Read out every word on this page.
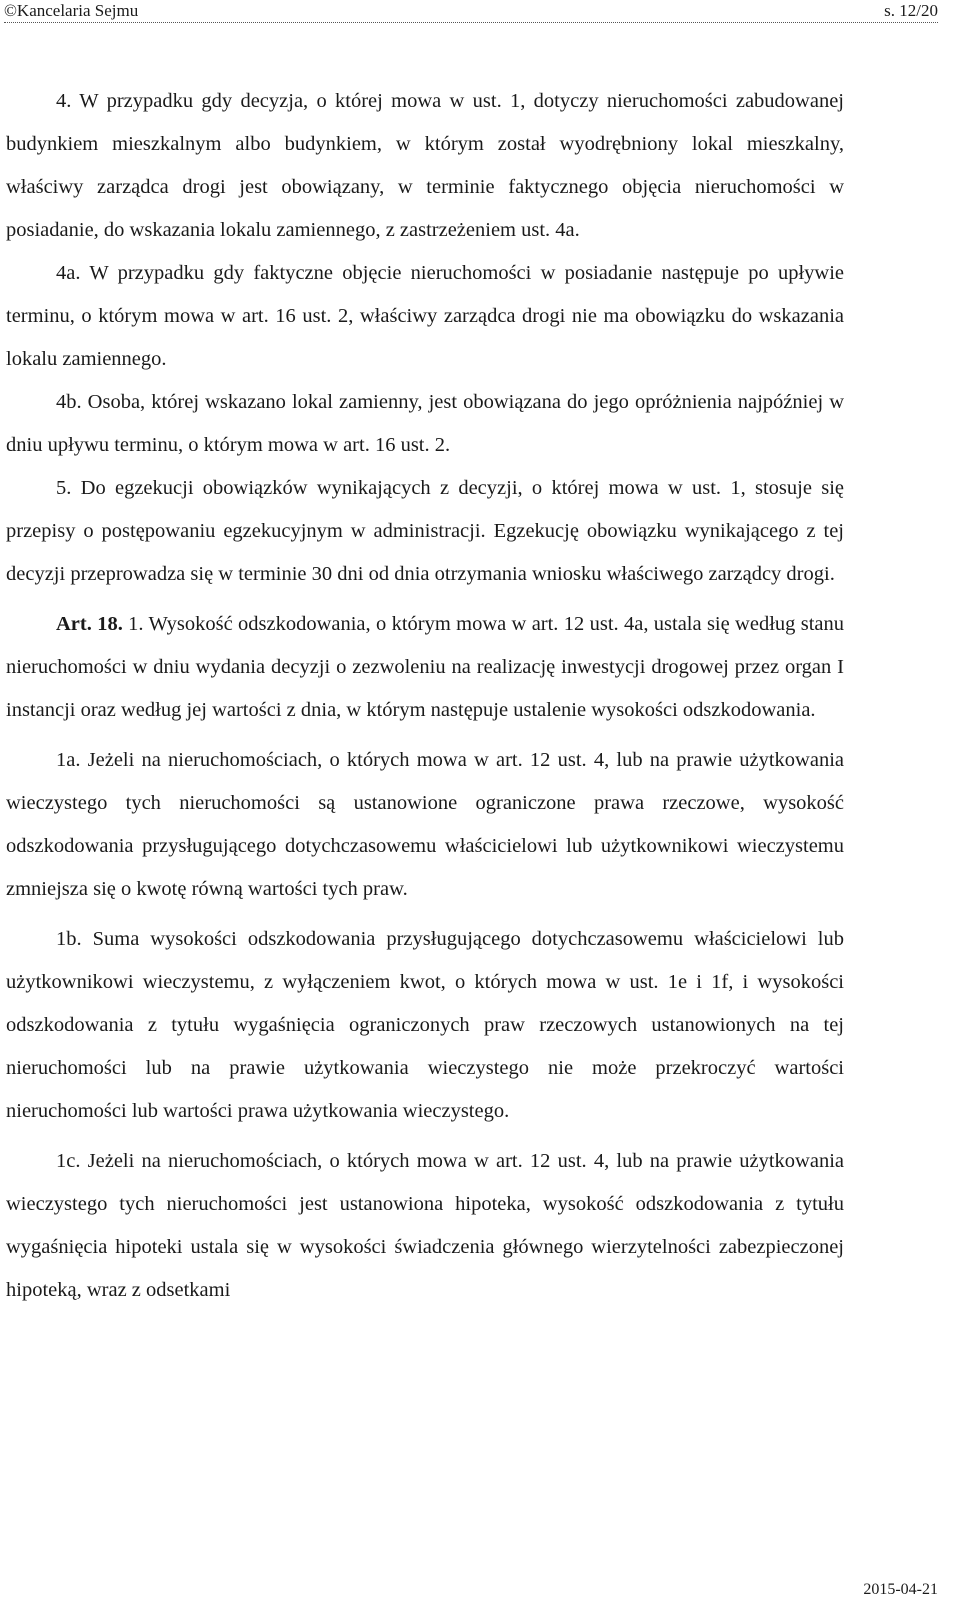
©Kancelaria Sejmu	s. 12/20

4. W przypadku gdy decyzja, o której mowa w ust. 1, dotyczy nieruchomości zabudowanej budynkiem mieszkalnym albo budynkiem, w którym został wyodrębniony lokal mieszkalny, właściwy zarządca drogi jest obowiązany, w terminie faktycznego objęcia nieruchomości w posiadanie, do wskazania lokalu zamiennego, z zastrzeżeniem ust. 4a.

4a. W przypadku gdy faktyczne objęcie nieruchomości w posiadanie następuje po upływie terminu, o którym mowa w art. 16 ust. 2, właściwy zarządca drogi nie ma obowiązku do wskazania lokalu zamiennego.

4b. Osoba, której wskazano lokal zamienny, jest obowiązana do jego opróżnienia najpóźniej w dniu upływu terminu, o którym mowa w art. 16 ust. 2.

5. Do egzekucji obowiązków wynikających z decyzji, o której mowa w ust. 1, stosuje się przepisy o postępowaniu egzekucyjnym w administracji. Egzekucję obowiązku wynikającego z tej decyzji przeprowadza się w terminie 30 dni od dnia otrzymania wniosku właściwego zarządcy drogi.

Art. 18. 1. Wysokość odszkodowania, o którym mowa w art. 12 ust. 4a, ustala się według stanu nieruchomości w dniu wydania decyzji o zezwoleniu na realizację inwestycji drogowej przez organ I instancji oraz według jej wartości z dnia, w którym następuje ustalenie wysokości odszkodowania.

1a. Jeżeli na nieruchomościach, o których mowa w art. 12 ust. 4, lub na prawie użytkowania wieczystego tych nieruchomości są ustanowione ograniczone prawa rzeczowe, wysokość odszkodowania przysługującego dotychczasowemu właścicielowi lub użytkownikowi wieczystemu zmniejsza się o kwotę równą wartości tych praw.

1b. Suma wysokości odszkodowania przysługującego dotychczasowemu właścicielowi lub użytkownikowi wieczystemu, z wyłączeniem kwot, o których mowa w ust. 1e i 1f, i wysokości odszkodowania z tytułu wygaśnięcia ograniczonych praw rzeczowych ustanowionych na tej nieruchomości lub na prawie użytkowania wieczystego nie może przekroczyć wartości nieruchomości lub wartości prawa użytkowania wieczystego.

1c. Jeżeli na nieruchomościach, o których mowa w art. 12 ust. 4, lub na prawie użytkowania wieczystego tych nieruchomości jest ustanowiona hipoteka, wysokość odszkodowania z tytułu wygaśnięcia hipoteki ustala się w wysokości świadczenia głównego wierzytelności zabezpieczonej hipoteką, wraz z odsetkami

2015-04-21
